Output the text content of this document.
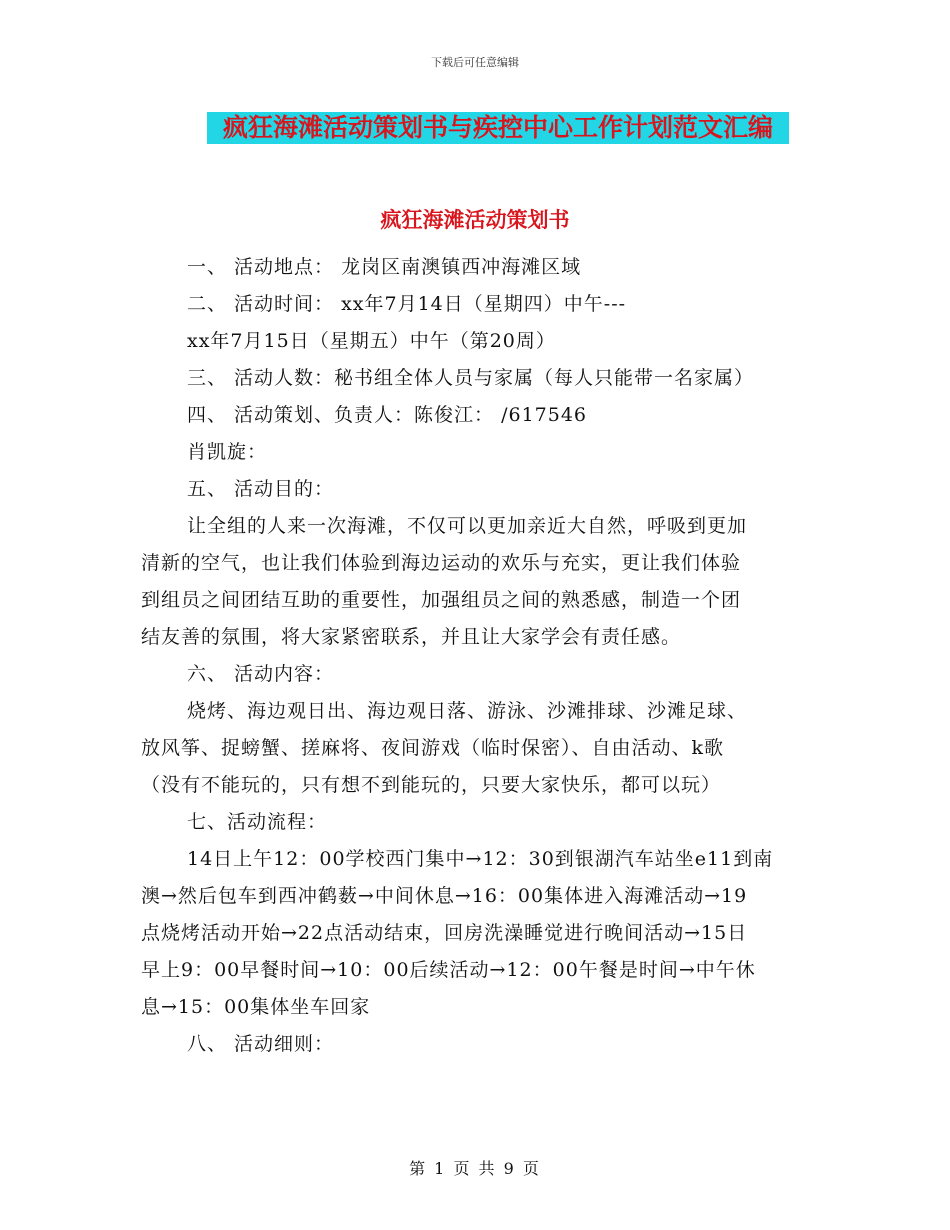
下载后可任意编辑
疯狂海滩活动策划书与疾控中心工作计划范文汇编
疯狂海滩活动策划书
一、 活动地点： 龙岗区南澳镇西冲海滩区域
二、 活动时间： xx年7月14日（星期四）中午---
xx年7月15日（星期五）中午（第20周）
三、 活动人数：秘书组全体人员与家属（每人只能带一名家属）
四、 活动策划、负责人：陈俊江： /617546
肖凯旋：
五、 活动目的：
让全组的人来一次海滩，不仅可以更加亲近大自然，呼吸到更加
清新的空气，也让我们体验到海边运动的欢乐与充实，更让我们体验
到组员之间团结互助的重要性，加强组员之间的熟悉感，制造一个团
结友善的氛围，将大家紧密联系，并且让大家学会有责任感。
六、 活动内容：
烧烤、海边观日出、海边观日落、游泳、沙滩排球、沙滩足球、
放风筝、捉螃蟹、搓麻将、夜间游戏（临时保密）、自由活动、k歌
（没有不能玩的，只有想不到能玩的，只要大家快乐，都可以玩）
七、活动流程：
14日上午12：00学校西门集中→12：30到银湖汽车站坐e11到南
澳→然后包车到西冲鹤薮→中间休息→16：00集体进入海滩活动→19
点烧烤活动开始→22点活动结束，回房洗澡睡觉进行晚间活动→15日
早上9：00早餐时间→10：00后续活动→12：00午餐是时间→中午休
息→15：00集体坐车回家
八、 活动细则：
第 1 页 共 9 页
